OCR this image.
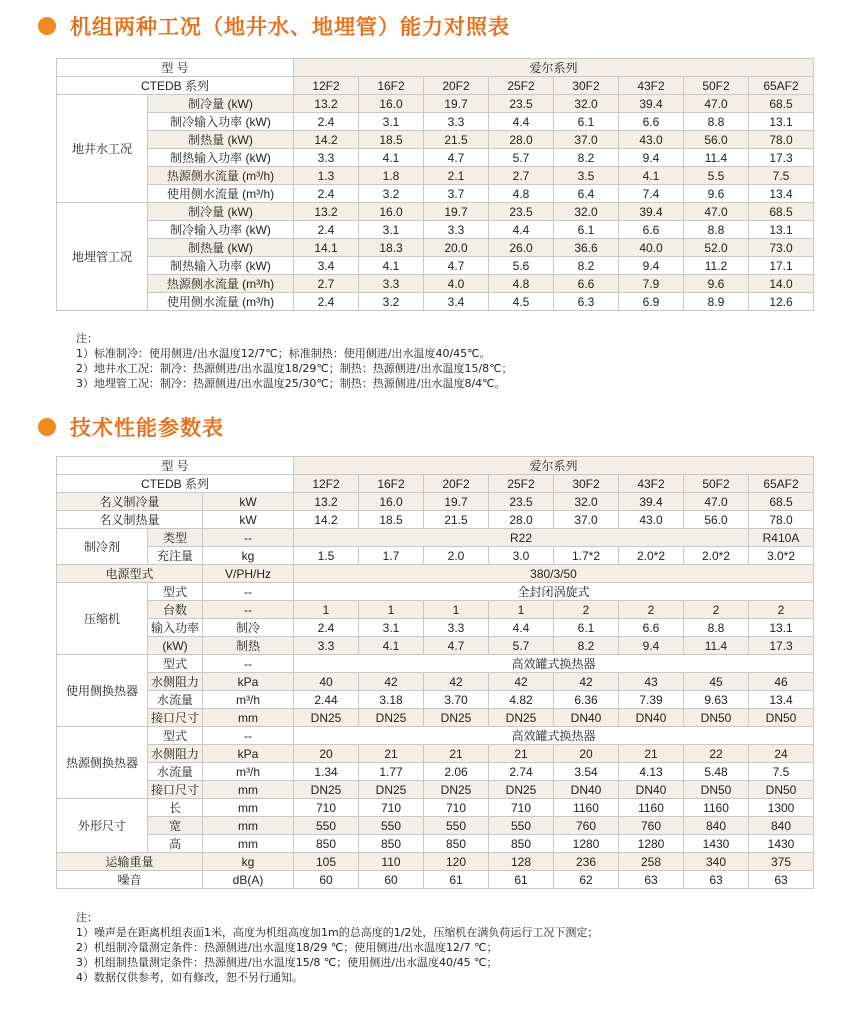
机组两种工况（地井水、地埋管）能力对照表
型 号		爱尔系列							
CTEDB 系列		12F2	16F2	20F2	25F2	30F2	43F2	50F2	65AF2
地井水工况	制冷量 (kW)	13.2	16.0	19.7	23.5	32.0	39.4	47.0	68.5
	制冷输入功率 (kW)	2.4	3.1	3.3	4.4	6.1	6.6	8.8	13.1
	制热量 (kW)	14.2	18.5	21.5	28.0	37.0	43.0	56.0	78.0
	制热输入功率 (kW)	3.3	4.1	4.7	5.7	8.2	9.4	11.4	17.3
	热源侧水流量 (m³/h)	1.3	1.8	2.1	2.7	3.5	4.1	5.5	7.5
	使用侧水流量 (m³/h)	2.4	3.2	3.7	4.8	6.4	7.4	9.6	13.4
地埋管工况	制冷量 (kW)	13.2	16.0	19.7	23.5	32.0	39.4	47.0	68.5
	制冷输入功率 (kW)	2.4	3.1	3.3	4.4	6.1	6.6	8.8	13.1
	制热量 (kW)	14.1	18.3	20.0	26.0	36.6	40.0	52.0	73.0
	制热输入功率 (kW)	3.4	4.1	4.7	5.6	8.2	9.4	11.2	17.1
	热源侧水流量 (m³/h)	2.7	3.3	4.0	4.8	6.6	7.9	9.6	14.0
	使用侧水流量 (m³/h)	2.4	3.2	3.4	4.5	6.3	6.9	8.9	12.6
注：
1）标准制冷：使用侧进/出水温度12/7℃；标准制热：使用侧进/出水温度40/45℃。
2）地井水工况：制冷：热源侧进/出水温度18/29℃；制热：热源侧进/出水温度15/8℃；
3）地埋管工况：制冷：热源侧进/出水温度25/30℃；制热：热源侧进/出水温度8/4℃。
技术性能参数表
型 号			爱尔系列							
CTEDB 系列			12F2	16F2	20F2	25F2	30F2	43F2	50F2	65AF2
名义制冷量		kW	13.2	16.0	19.7	23.5	32.0	39.4	47.0	68.5
名义制热量		kW	14.2	18.5	21.5	28.0	37.0	43.0	56.0	78.0
制冷剂	类型	--	R22							R410A
	充注量	kg	1.5	1.7	2.0	3.0	1.7*2	2.0*2	2.0*2	3.0*2
电源型式		V/PH/Hz	380/3/50							
压缩机	型式	--	全封闭涡旋式							
	台数	--	1	1	1	1	2	2	2	2
	输入功率	制冷	2.4	3.1	3.3	4.4	6.1	6.6	8.8	13.1
	(kW)	制热	3.3	4.1	4.7	5.7	8.2	9.4	11.4	17.3
使用侧换热器	型式	--	高效罐式换热器							
	水侧阻力	kPa	40	42	42	42	42	43	45	46
	水流量	m³/h	2.44	3.18	3.70	4.82	6.36	7.39	9.63	13.4
	接口尺寸	mm	DN25	DN25	DN25	DN25	DN40	DN40	DN50	DN50
热源侧换热器	型式	--	高效罐式换热器							
	水侧阻力	kPa	20	21	21	21	20	21	22	24
	水流量	m³/h	1.34	1.77	2.06	2.74	3.54	4.13	5.48	7.5
	接口尺寸	mm	DN25	DN25	DN25	DN25	DN40	DN40	DN50	DN50
外形尺寸	长	mm	710	710	710	710	1160	1160	1160	1300
	宽	mm	550	550	550	550	760	760	840	840
	高	mm	850	850	850	850	1280	1280	1430	1430
运输重量		kg	105	110	120	128	236	258	340	375
噪音		dB(A)	60	60	61	61	62	63	63	63
注：
1）噪声是在距离机组表面1米，高度为机组高度加1m的总高度的1/2处，压缩机在满负荷运行工况下测定；
2）机组制冷量测定条件：热源侧进/出水温度18/29 ℃；使用侧进/出水温度12/7 ℃；
3）机组制热量测定条件：热源侧进/出水温度15/8 ℃；使用侧进/出水温度40/45 ℃；
4）数据仅供参考，如有修改，恕不另行通知。
